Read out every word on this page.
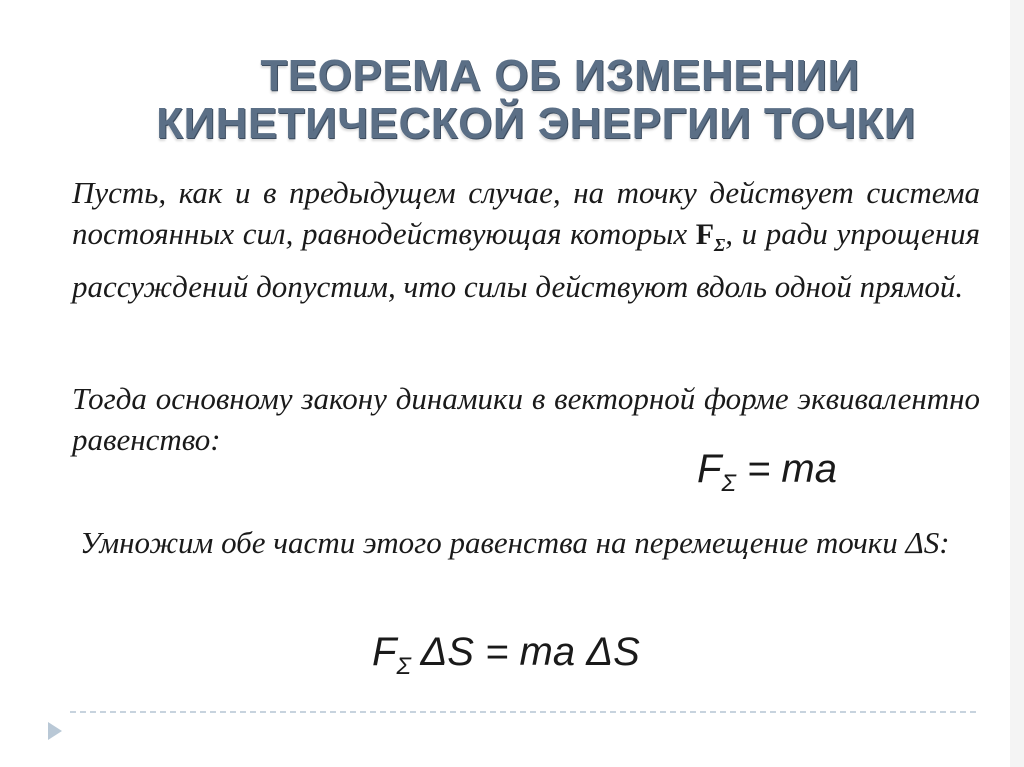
ТЕОРЕМА ОБ ИЗМЕНЕНИИ
КИНЕТИЧЕСКОЙ ЭНЕРГИИ ТОЧКИ

Пусть, как и в предыдущем случае, на точку действует система постоянных сил, равнодействующая которых $F_\Sigma$, и ради упрощения рассуждений допустим, что силы действуют вдоль одной прямой.

Тогда основному закону динамики в векторной форме эквивалентно равенство:

$F_\Sigma$ = ma

Умножим обе части этого равенства на перемещение точки ΔS:

$F_\Sigma$ ΔS = ma ΔS
